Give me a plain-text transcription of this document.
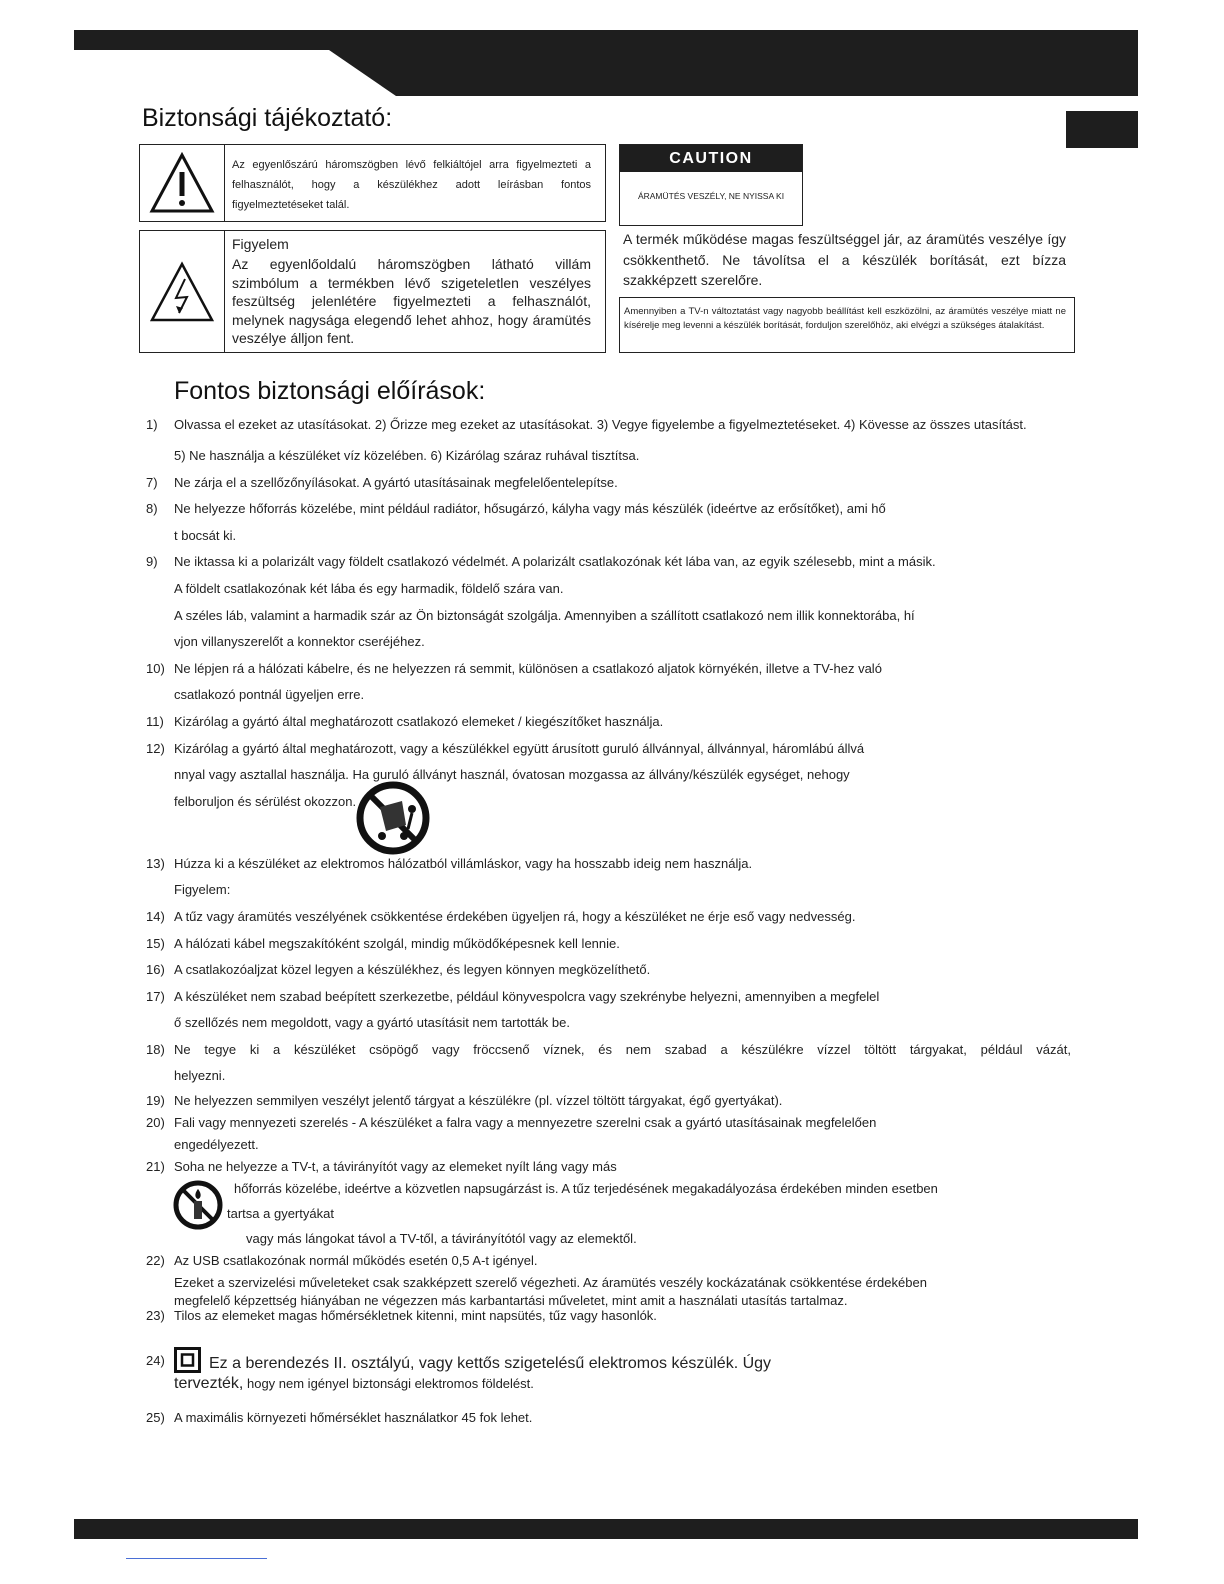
Biztonsági tájékoztató:
Az egyenlőszárú háromszögben lévő felkiáltójel arra figyelmezteti a felhasználót, hogy a készülékhez adott leírásban fontos figyelmeztetéseket talál.
Figyelem
Az egyenlőoldalú háromszögben látható villám szimbólum a termékben lévő szigeteletlen veszélyes feszültség jelenlétére figyelmezteti a felhasználót, melynek nagysága elegendő lehet ahhoz, hogy áramütés veszélye álljon fent.
CAUTION
ÁRAMÜTÉS VESZÉLY, NE NYISSA KI
A termék működése magas feszültséggel jár, az áramütés veszélye így csökkenthető. Ne távolítsa el a készülék borítását, ezt bízza szakképzett szerelőre.
Amennyiben a TV-n változtatást vagy nagyobb beállítást kell eszközölni, az áramütés veszélye miatt ne kísérelje meg levenni a készülék borítását, forduljon szerelőhöz, aki elvégzi a szükséges átalakítást.
Fontos biztonsági előírások:
1)	Olvassa el ezeket az utasításokat. 2) Őrizze meg ezeket az utasításokat. 3) Vegye figyelembe a figyelmeztetéseket. 4) Kövesse az összes utasítást.
5) Ne használja a készüléket víz közelében. 6) Kizárólag száraz ruhával tisztítsa.
7)	Ne zárja el a szellőzőnyílásokat. A gyártó utasításainak megfelelőentelepítse.
8)	Ne helyezze hőforrás közelébe, mint például radiátor, hősugárzó, kályha vagy más készülék (ideértve az erősítőket), ami hő
t bocsát ki.
9)	Ne iktassa ki a polarizált vagy földelt csatlakozó védelmét. A polarizált csatlakozónak két lába van, az egyik szélesebb, mint a másik.
A földelt csatlakozónak két lába és egy harmadik, földelő szára van.
A széles láb, valamint a harmadik szár az Ön biztonságát szolgálja. Amennyiben a szállított csatlakozó nem illik konnektorába, hí
vjon villanyszerelőt a konnektor cseréjéhez.
10) Ne lépjen rá a hálózati kábelre, és ne helyezzen rá semmit, különösen a csatlakozó aljatok környékén, illetve a TV-hez való
csatlakozó pontnál ügyeljen erre.
11) Kizárólag a gyártó által meghatározott csatlakozó elemeket / kiegészítőket használja.
12) Kizárólag a gyártó által meghatározott, vagy a készülékkel együtt árusított guruló állvánnyal, állvánnyal, háromlábú állvá
nnyal vagy asztallal használja. Ha guruló állványt használ, óvatosan mozgassa az állvány/készülék egységet, nehogy
felboruljon és sérülést okozzon.
13) Húzza ki a készüléket az elektromos hálózatból villámláskor, vagy ha hosszabb ideig nem használja.
Figyelem:
14) A tűz vagy áramütés veszélyének csökkentése érdekében ügyeljen rá, hogy a készüléket ne érje eső vagy nedvesség.
15) A hálózati kábel megszakítóként szolgál, mindig működőképesnek kell lennie.
16) A csatlakozóaljzat közel legyen a készülékhez, és legyen könnyen megközelíthető.
17) A készüléket nem szabad beépített szerkezetbe, például könyvespolcra vagy szekrénybe helyezni, amennyiben a megfelel
ő szellőzés nem megoldott, vagy a gyártó utasításit nem tartották be.
18) Ne tegye ki a készüléket csöpögő vagy fröccsenő víznek, és nem szabad a készülékre vízzel töltött tárgyakat, például vázát,
helyezni.
19) Ne helyezzen semmilyen veszélyt jelentő tárgyat a készülékre (pl. vízzel töltött tárgyakat, égő gyertyákat).
20) Fali vagy mennyezeti szerelés - A készüléket a falra vagy a mennyezetre szerelni csak a gyártó utasításainak megfelelően
engedélyezett.
21) Soha ne helyezze a TV-t, a távirányítót vagy az elemeket nyílt láng vagy más
hőforrás közelébe, ideértve a közvetlen napsugárzást is. A tűz terjedésének megakadályozása érdekében minden esetben
tartsa a gyertyákat
vagy más lángokat távol a TV-től, a távirányítótól vagy az elemektől.
22) Az USB csatlakozónak normál működés esetén 0,5 A-t igényel.
Ezeket a szervizelési műveleteket csak szakképzett szerelő végezheti. Az áramütés veszély kockázatának csökkentése érdekében
megfelelő képzettség hiányában ne végezzen más karbantartási műveletet, mint amit a használati utasítás tartalmaz.
23) Tilos az elemeket magas hőmérsékletnek kitenni, mint napsütés, tűz vagy hasonlók.
24)	Ez a berendezés II. osztályú, vagy kettős szigetelésű elektromos készülék. Úgy
tervezték, hogy nem igényel biztonsági elektromos földelést.
25) A maximális környezeti hőmérséklet használatkor 45 fok lehet.
